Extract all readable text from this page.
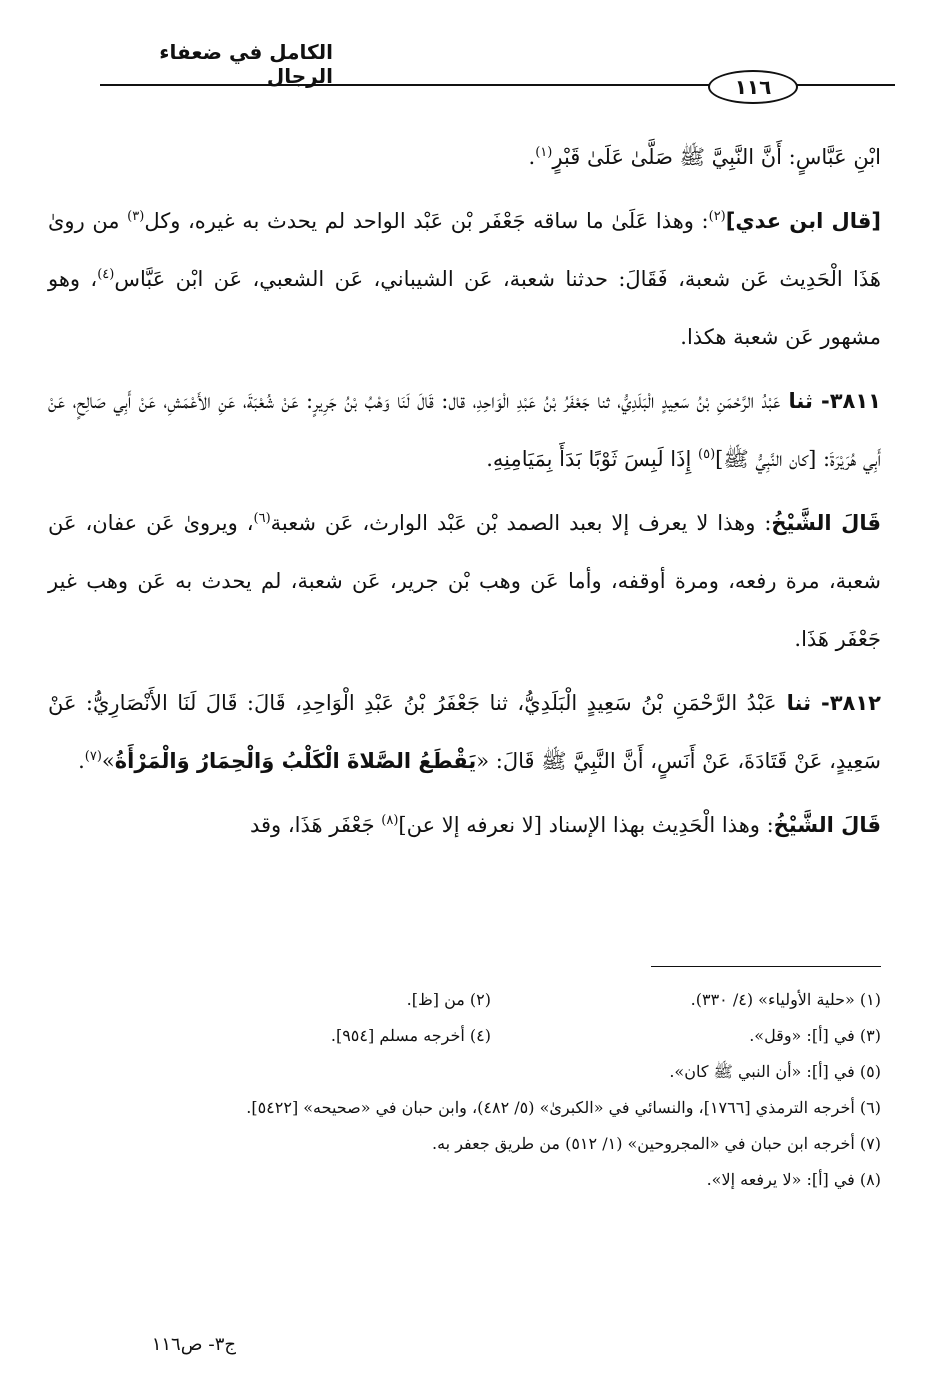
الكامل في ضعفاء الرجال	١١٦

ابْنِ عَبَّاسٍ: أَنَّ النَّبِيَّ ﷺ صَلَّىٰ عَلَىٰ قَبْرٍ$^{(١)}$.

[قال ابن عدي]$^{(٢)}$: وهذا عَلَىٰ ما ساقه جَعْفَر بْن عَبْد الواحد لم يحدث به غيره، وكل$^{(٣)}$ من روىٰ هَذَا الْحَدِيث عَن شعبة، فَقَالَ: حدثنا شعبة، عَن الشيباني، عَن الشعبي، عَن ابْن عَبَّاس$^{(٤)}$، وهو مشهور عَن شعبة هكذا.

٣٨١١- ثنا عَبْدُ الرَّحْمَنِ بْنُ سَعِيدٍ الْبَلَدِيُّ، ثنا جَعْفَرُ بْنُ عَبْدِ الْوَاحِدِ، قال: قَالَ لَنَا وَهْبُ بْنُ جَرِيرٍ: عَنْ شُعْبَةَ، عَنِ الأَعْمَشِ، عَنْ أَبِي صَالِحٍ، عَنْ أَبِي هُرَيْرَةَ: [كان النَّبِيُّ ﷺ]$^{(٥)}$ إِذَا لَبِسَ ثَوْبًا بَدَأَ بِمَيَامِنِهِ.

قَالَ الشَّيْخُ: وهذا لا يعرف إلا بعبد الصمد بْن عَبْد الوارث، عَن شعبة$^{(٦)}$، ويروىٰ عَن عفان، عَن شعبة، مرة رفعه، ومرة أوقفه، وأما عَن وهب بْن جرير، عَن شعبة، لم يحدث به عَن وهب غير جَعْفَر هَذَا.

٣٨١٢- ثنا عَبْدُ الرَّحْمَنِ بْنُ سَعِيدٍ الْبَلَدِيُّ، ثنا جَعْفَرُ بْنُ عَبْدِ الْوَاحِدِ، قَالَ: قَالَ لَنَا الأَنْصَارِيُّ: عَنْ سَعِيدٍ، عَنْ قَتَادَةَ، عَنْ أَنَسٍ، أَنَّ النَّبِيَّ ﷺ قَالَ: «يَقْطَعُ الصَّلاةَ الْكَلْبُ وَالْحِمَارُ وَالْمَرْأَةُ»$^{(٧)}$.

قَالَ الشَّيْخُ: وهذا الْحَدِيث بهذا الإسناد [لا نعرفه إلا عن]$^{(٨)}$ جَعْفَر هَذَا، وقد

(١) «حلية الأولياء» (٤/ ٣٣٠).
(٢) من [ظ].
(٣) في [أ]: «وقل».
(٤) أخرجه مسلم [٩٥٤].
(٥) في [أ]: «أن النبي ﷺ كان».
(٦) أخرجه الترمذي [١٧٦٦]، والنسائي في «الكبرىٰ» (٥/ ٤٨٢)، وابن حبان في «صحيحه» [٥٤٢٢].
(٧) أخرجه ابن حبان في «المجروحين» (١/ ٥١٢) من طريق جعفر به.
(٨) في [أ]: «لا يرفعه إلا».
ج٣- ص١١٦
